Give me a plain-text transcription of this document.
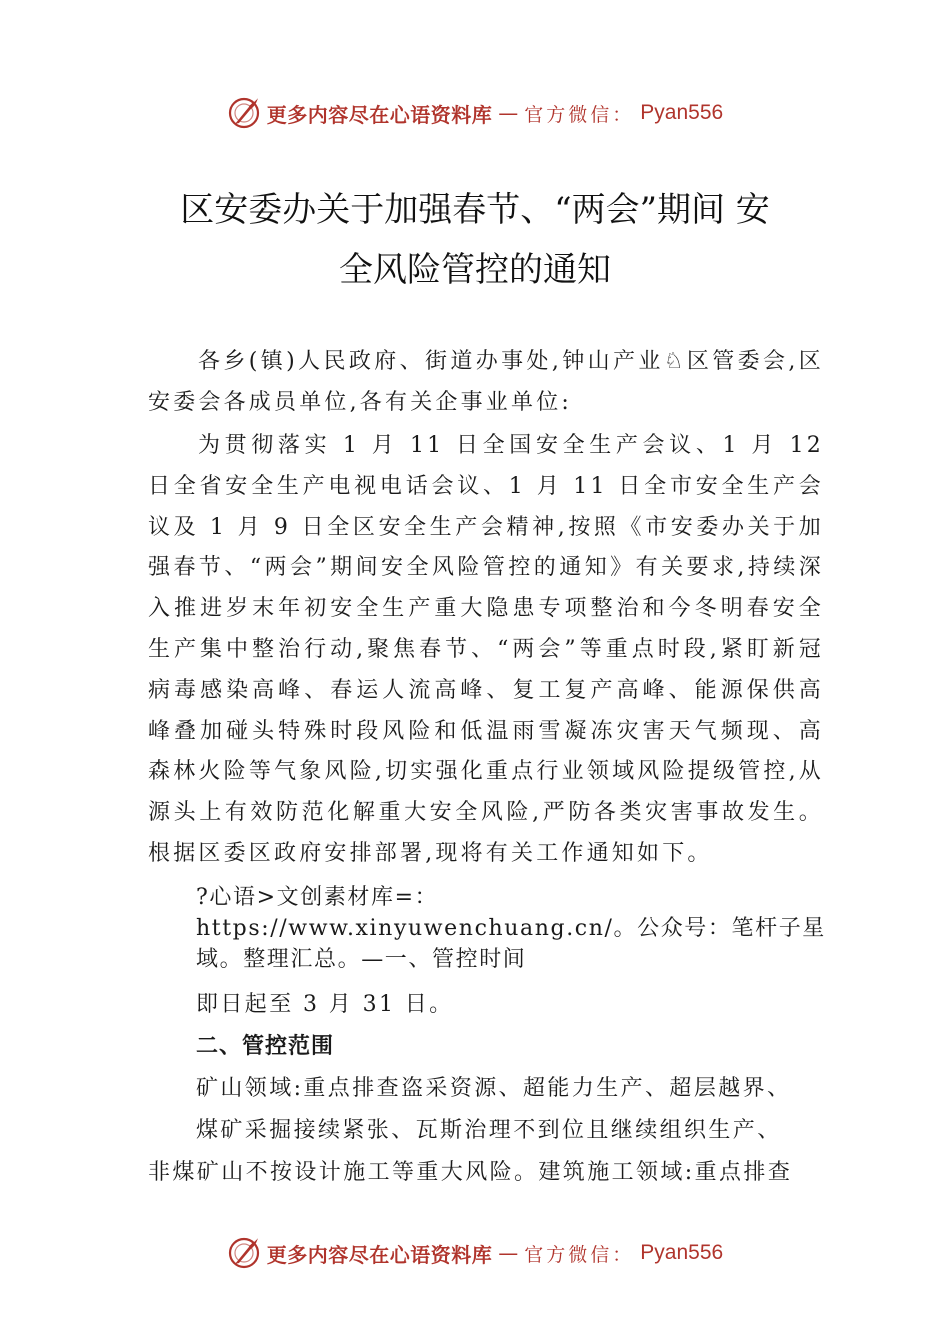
更多内容尽在心语资料库 — 官方微信： Pyan556
区安委办关于加强春节、“两会”期间 安
全风险管控的通知

各乡(镇)人民政府、街道办事处,钟山产业♘区管委会,区安委会各成员单位,各有关企事业单位:

为贯彻落实 1 月 11 日全国安全生产会议、1 月 12 日全省安全生产电视电话会议、1 月 11 日全市安全生产会议及 1 月 9 日全区安全生产会精神,按照《市安委办关于加强春节、“两会”期间安全风险管控的通知》有关要求,持续深入推进岁末年初安全生产重大隐患专项整治和今冬明春安全生产集中整治行动,聚焦春节、“两会”等重点时段,紧盯新冠病毒感染高峰、春运人流高峰、复工复产高峰、能源保供高峰叠加碰头特殊时段风险和低温雨雪凝冻灾害天气频现、高森林火险等气象风险,切实强化重点行业领域风险提级管控,从源头上有效防范化解重大安全风险,严防各类灾害事故发生。根据区委区政府安排部署,现将有关工作通知如下。

?心语>文创素材库=：https://www.xinyuwenchuang.cn/。公众号：笔杆子星域。整理汇总。—一、管控时间

即日起至 3 月 31 日。
二、管控范围
矿山领域:重点排查盗采资源、超能力生产、超层越界、
煤矿采掘接续紧张、瓦斯治理不到位且继续组织生产、
非煤矿山不按设计施工等重大风险。建筑施工领域:重点排查
更多内容尽在心语资料库 — 官方微信： Pyan556
